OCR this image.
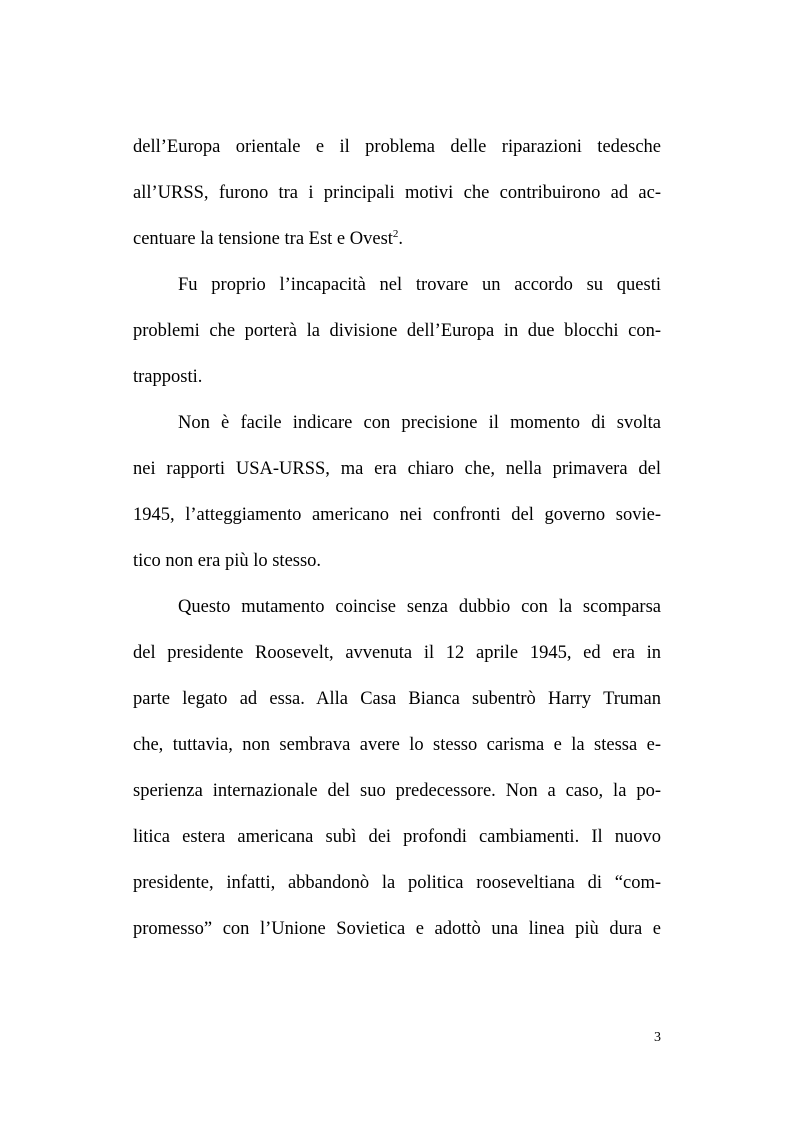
dell’Europa orientale e il problema delle riparazioni tedesche
all’URSS, furono tra i principali motivi che contribuirono ad ac-
centuare la tensione tra Est e Ovest$^2$.
Fu proprio l’incapacità nel trovare un accordo su questi
problemi che porterà la divisione dell’Europa in due blocchi con-
trapposti.
Non è facile indicare con precisione il momento di svolta
nei rapporti USA-URSS, ma era chiaro che, nella primavera del
1945, l’atteggiamento americano nei confronti del governo sovie-
tico non era più lo stesso.
Questo mutamento coincise senza dubbio con la scomparsa
del presidente Roosevelt, avvenuta il 12 aprile 1945, ed era in
parte legato ad essa. Alla Casa Bianca subentrò Harry Truman
che, tuttavia, non sembrava avere lo stesso carisma e la stessa e-
sperienza internazionale del suo predecessore. Non a caso, la po-
litica estera americana subì dei profondi cambiamenti. Il nuovo
presidente, infatti, abbandonò la politica rooseveltiana di “com-
promesso” con l’Unione Sovietica e adottò una linea più dura e
3
